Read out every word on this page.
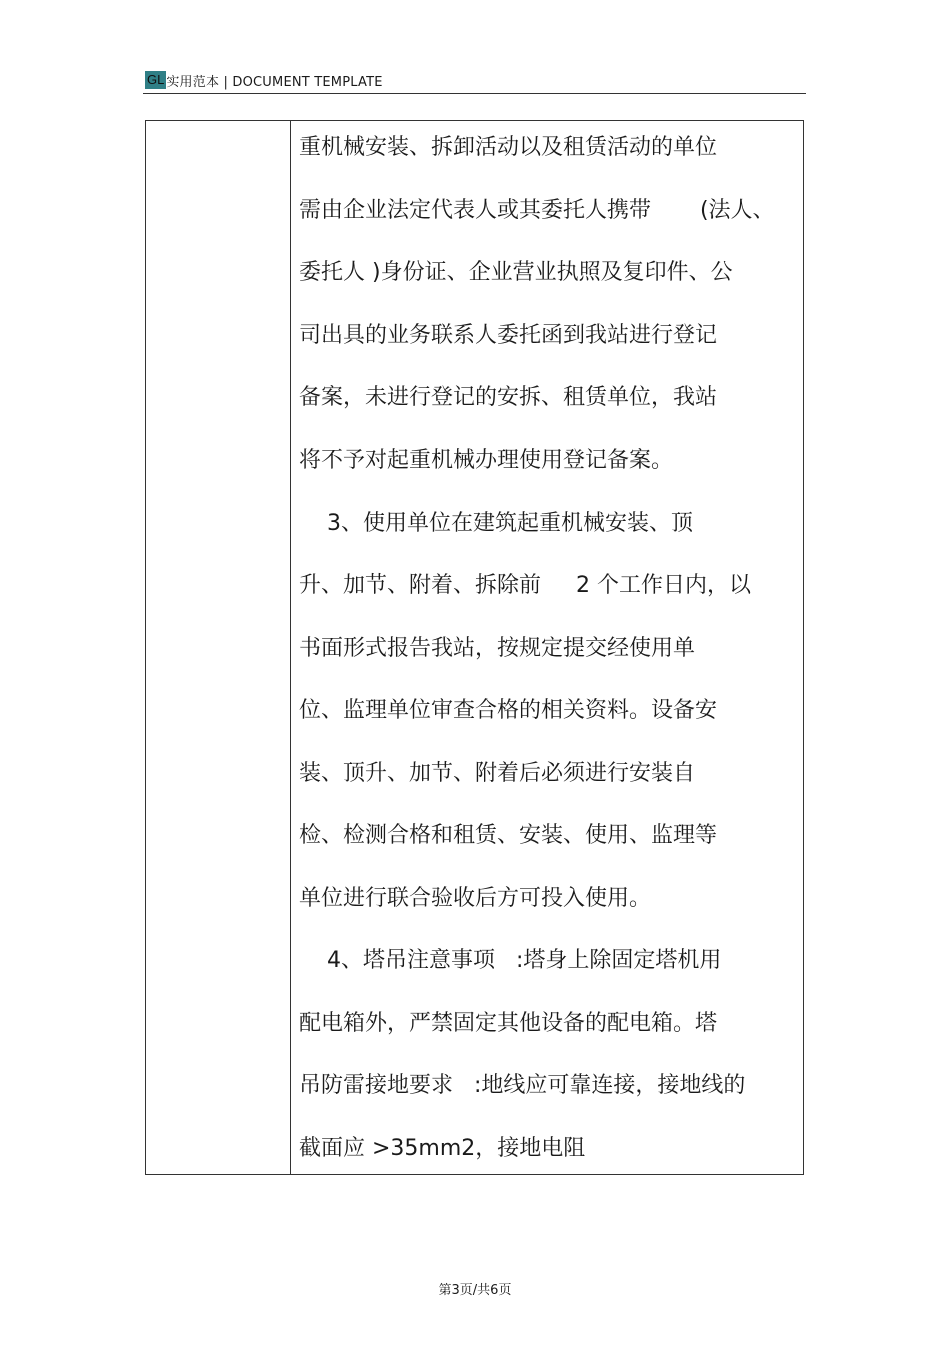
GL 实用范本 | DOCUMENT TEMPLATE
重机械安装、拆卸活动以及租赁活动的单位
需由企业法定代表人或其委托人携带       (法人、
委托人 )身份证、企业营业执照及复印件、公
司出具的业务联系人委托函到我站进行登记
备案，未进行登记的安拆、租赁单位，我站
将不予对起重机械办理使用登记备案。
3、使用单位在建筑起重机械安装、顶
升、加节、附着、拆除前     2 个工作日内，以
书面形式报告我站，按规定提交经使用单
位、监理单位审查合格的相关资料。设备安
装、顶升、加节、附着后必须进行安装自
检、检测合格和租赁、安装、使用、监理等
单位进行联合验收后方可投入使用。
4、塔吊注意事项   :塔身上除固定塔机用
配电箱外，严禁固定其他设备的配电箱。塔
吊防雷接地要求   :地线应可靠连接，接地线的
截面应 >35mm2，接地电阻
第3页/共6页
